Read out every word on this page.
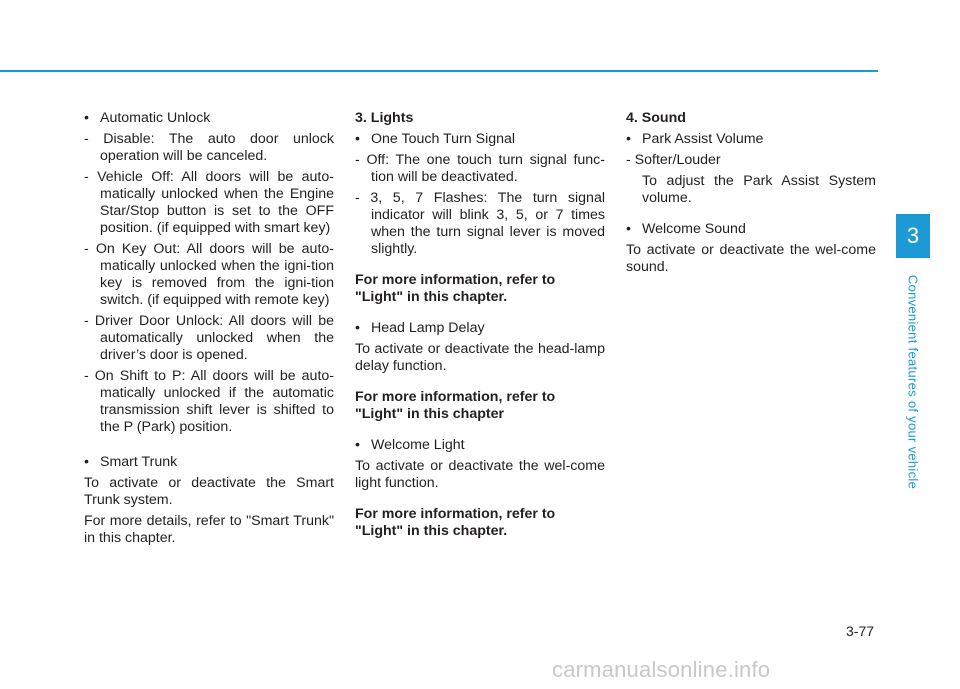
• Automatic Unlock
- Disable: The auto door unlock operation will be canceled.
- Vehicle Off: All doors will be auto-matically unlocked when the Engine Star/Stop button is set to the OFF position. (if equipped with smart key)
- On Key Out: All doors will be auto-matically unlocked when the igni-tion key is removed from the igni-tion switch. (if equipped with remote key)
- Driver Door Unlock: All doors will be automatically unlocked when the driver’s door is opened.
- On Shift to P: All doors will be auto-matically unlocked if the automatic transmission shift lever is shifted to the P (Park) position.
• Smart Trunk
To activate or deactivate the Smart Trunk system.
For more details, refer to "Smart Trunk" in this chapter.
3. Lights
• One Touch Turn Signal
- Off: The one touch turn signal func-tion will be deactivated.
- 3, 5, 7 Flashes: The turn signal indicator will blink 3, 5, or 7 times when the turn signal lever is moved slightly.
For more information, refer to "Light" in this chapter.
• Head Lamp Delay
To activate or deactivate the head-lamp delay function.
For more information, refer to "Light" in this chapter
• Welcome Light
To activate or deactivate the wel-come light function.
For more information, refer to "Light" in this chapter.
4. Sound
• Park Assist Volume
- Softer/Louder
To adjust the Park Assist System volume.
• Welcome Sound
To activate or deactivate the wel-come sound.
3
Convenient features of your vehicle
3-77
carmanualsonline.info
